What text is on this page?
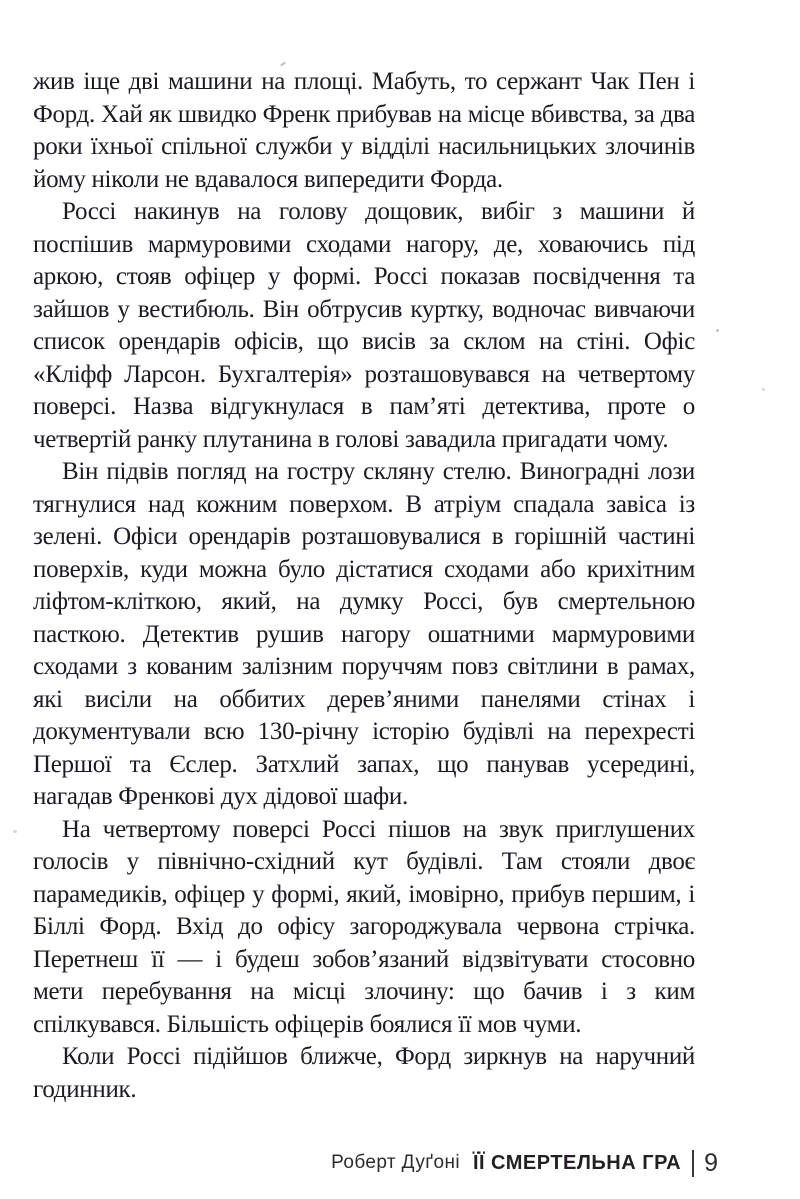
жив іще дві машини на площі. Мабуть, то сержант Чак Пен і Форд. Хай як швидко Френк прибував на місце вбивства, за два роки їхньої спільної служби у відділі насильницьких злочинів йому ніколи не вдавалося випередити Форда.

Россі накинув на голову дощовик, вибіг з машини й поспішив мармуровими сходами нагору, де, ховаючись під аркою, стояв офіцер у формі. Россі показав посвідчення та зайшов у вестибюль. Він обтрусив куртку, водночас вивчаючи список орендарів офісів, що висів за склом на стіні. Офіс «Кліфф Ларсон. Бухгалтерія» розташовувався на четвертому поверсі. Назва відгукнулася в пам’яті детектива, проте о четвертій ранку плутанина в голові завадила пригадати чому.

Він підвів погляд на гостру скляну стелю. Виноградні лози тягнулися над кожним поверхом. В атріум спадала завіса із зелені. Офіси орендарів розташовувалися в горішній частині поверхів, куди можна було дістатися сходами або крихітним ліфтом-кліткою, який, на думку Россі, був смертельною пасткою. Детектив рушив нагору ошатними мармуровими сходами з кованим залізним поруччям повз світлини в рамах, які висіли на оббитих дерев’яними панелями стінах і документували всю 130-річну історію будівлі на перехресті Першої та Єслер. Затхлий запах, що панував усередині, нагадав Френкові дух дідової шафи.

На четвертому поверсі Россі пішов на звук приглушених голосів у північно-східний кут будівлі. Там стояли двоє парамедиків, офіцер у формі, який, імовірно, прибув першим, і Біллі Форд. Вхід до офісу загороджувала червона стрічка. Перетнеш її — і будеш зобов’язаний відзвітувати стосовно мети перебування на місці злочину: що бачив і з ким спілкувався. Більшість офіцерів боялися її мов чуми.

Коли Россі підійшов ближче, Форд зиркнув на наручний годинник.

Роберт Дуґоні ЇЇ СМЕРТЕЛЬНА ГРА 9
